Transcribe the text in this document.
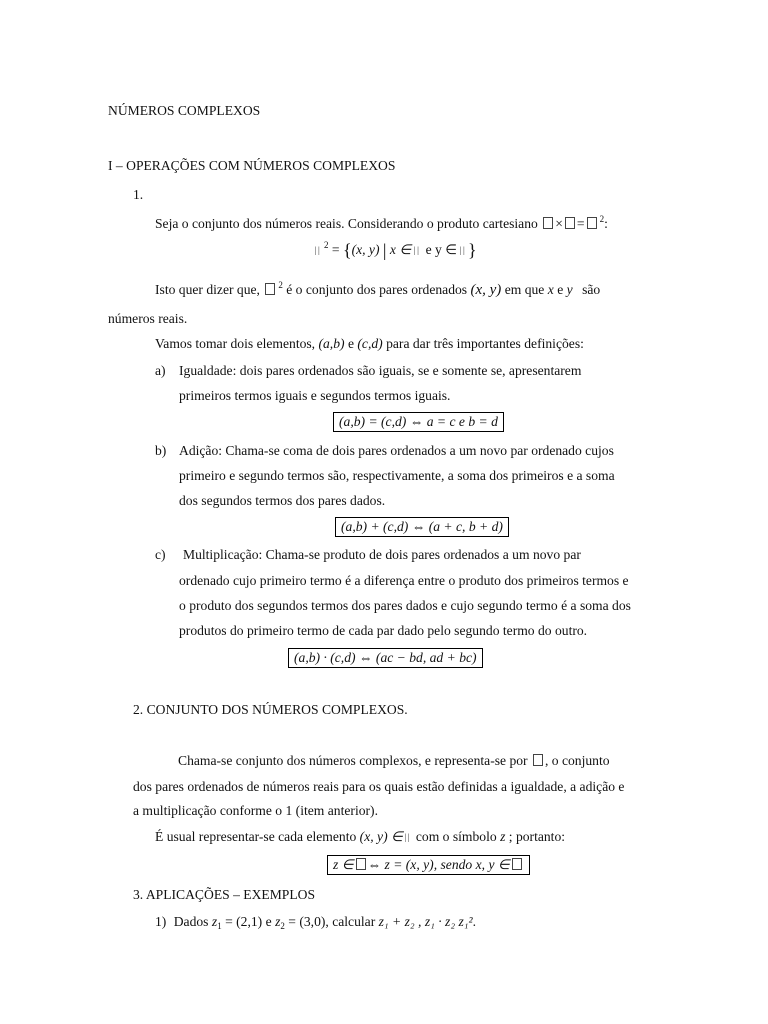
NÚMEROS COMPLEXOS
I – OPERAÇÕES COM NÚMEROS COMPLEXOS
1.
Seja o conjunto dos números reais. Considerando o produto cartesiano × = $^2$:
|| $^2$ = {(x, y) | x ∈ || e y ∈ || }
Isto quer dizer que, $^2$ é o conjunto dos pares ordenados (x, y) em que x e y são
números reais.
Vamos tomar dois elementos, (a,b) e (c,d) para dar três importantes definições:
a) Igualdade: dois pares ordenados são iguais, se e somente se, apresentarem
primeiros termos iguais e segundos termos iguais.
(a,b) = (c,d) ⇔ a = c e b = d
b) Adição: Chama-se coma de dois pares ordenados a um novo par ordenado cujos
primeiro e segundo termos são, respectivamente, a soma dos primeiros e a soma
dos segundos termos dos pares dados.
(a,b) + (c,d) ⇔ (a + c, b + d)
c) Multiplicação: Chama-se produto de dois pares ordenados a um novo par
ordenado cujo primeiro termo é a diferença entre o produto dos primeiros termos e
o produto dos segundos termos dos pares dados e cujo segundo termo é a soma dos
produtos do primeiro termo de cada par dado pelo segundo termo do outro.
(a,b) · (c,d) ⇔ (ac − bd, ad + bc)
2. CONJUNTO DOS NÚMEROS COMPLEXOS.
Chama-se conjunto dos números complexos, e representa-se por , o conjunto
dos pares ordenados de números reais para os quais estão definidas a igualdade, a adição e
a multiplicação conforme o 1 (item anterior).
É usual representar-se cada elemento (x, y) ∈ || com o símbolo z ; portanto:
z ∈ ⇔ z = (x, y), sendo x, y ∈
3. APLICAÇÕES – EXEMPLOS
1) Dados $z_1 = (2,1)$ e $z_2 = (3,0)$, calcular z₁ + z₂ , z₁ · z₂ z₁².
